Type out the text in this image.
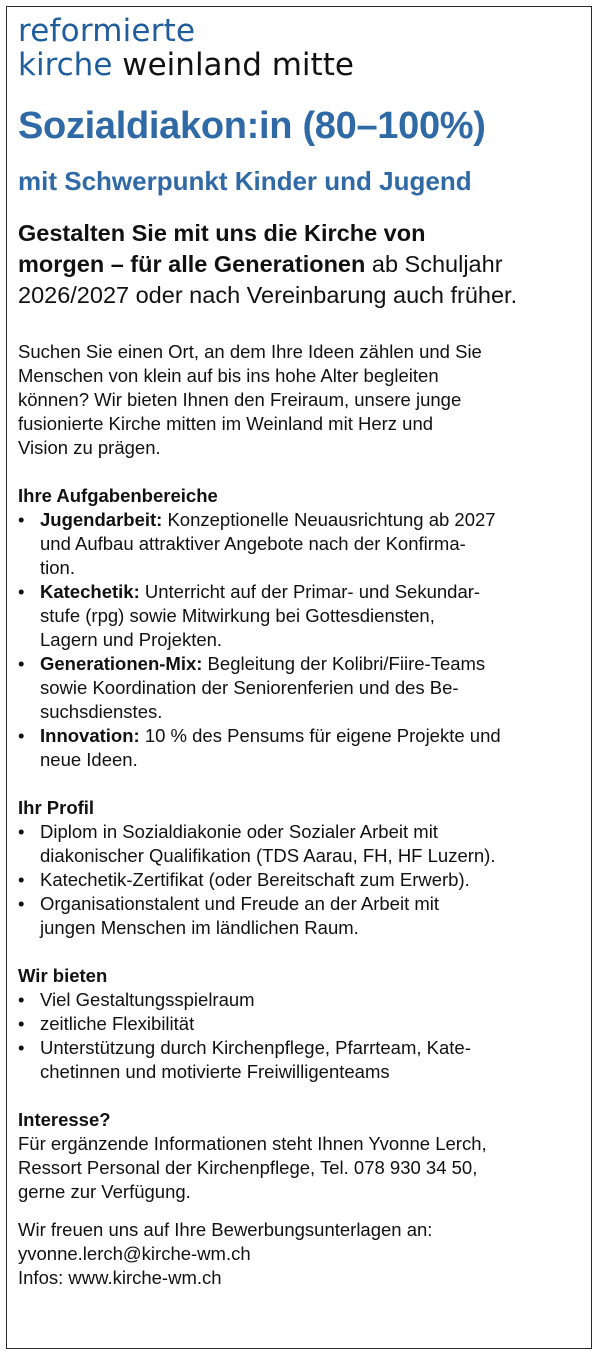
reformierte
kirche weinland mitte
Sozialdiakon:in (80–100%)
mit Schwerpunkt Kinder und Jugend
Gestalten Sie mit uns die Kirche von
morgen – für alle Generationen ab Schuljahr
2026/2027 oder nach Vereinbarung auch früher.

Suchen Sie einen Ort, an dem Ihre Ideen zählen und Sie
Menschen von klein auf bis ins hohe Alter begleiten
können? Wir bieten Ihnen den Freiraum, unsere junge
fusionierte Kirche mitten im Weinland mit Herz und
Vision zu prägen.

Ihre Aufgabenbereiche

• Jugendarbeit: Konzeptionelle Neuausrichtung ab 2027
und Aufbau attraktiver Angebote nach der Konfirma-
tion.
• Katechetik: Unterricht auf der Primar- und Sekundar-
stufe (rpg) sowie Mitwirkung bei Gottesdiensten,
Lagern und Projekten.
• Generationen-Mix: Begleitung der Kolibri/Fiire-Teams
sowie Koordination der Seniorenferien und des Be-
suchsdienstes.
• Innovation: 10 % des Pensums für eigene Projekte und
neue Ideen.

Ihr Profil

• Diplom in Sozialdiakonie oder Sozialer Arbeit mit
diakonischer Qualifikation (TDS Aarau, FH, HF Luzern).
• Katechetik-Zertifikat (oder Bereitschaft zum Erwerb).
• Organisationstalent und Freude an der Arbeit mit
jungen Menschen im ländlichen Raum.

Wir bieten

• Viel Gestaltungsspielraum
• zeitliche Flexibilität
• Unterstützung durch Kirchenpflege, Pfarrteam, Kate-
chetinnen und motivierte Freiwilligenteams

Interesse?

Für ergänzende Informationen steht Ihnen Yvonne Lerch,
Ressort Personal der Kirchenpflege, Tel. 078 930 34 50,
gerne zur Verfügung.

Wir freuen uns auf Ihre Bewerbungsunterlagen an:
yvonne.lerch@kirche-wm.ch
Infos: www.kirche-wm.ch
